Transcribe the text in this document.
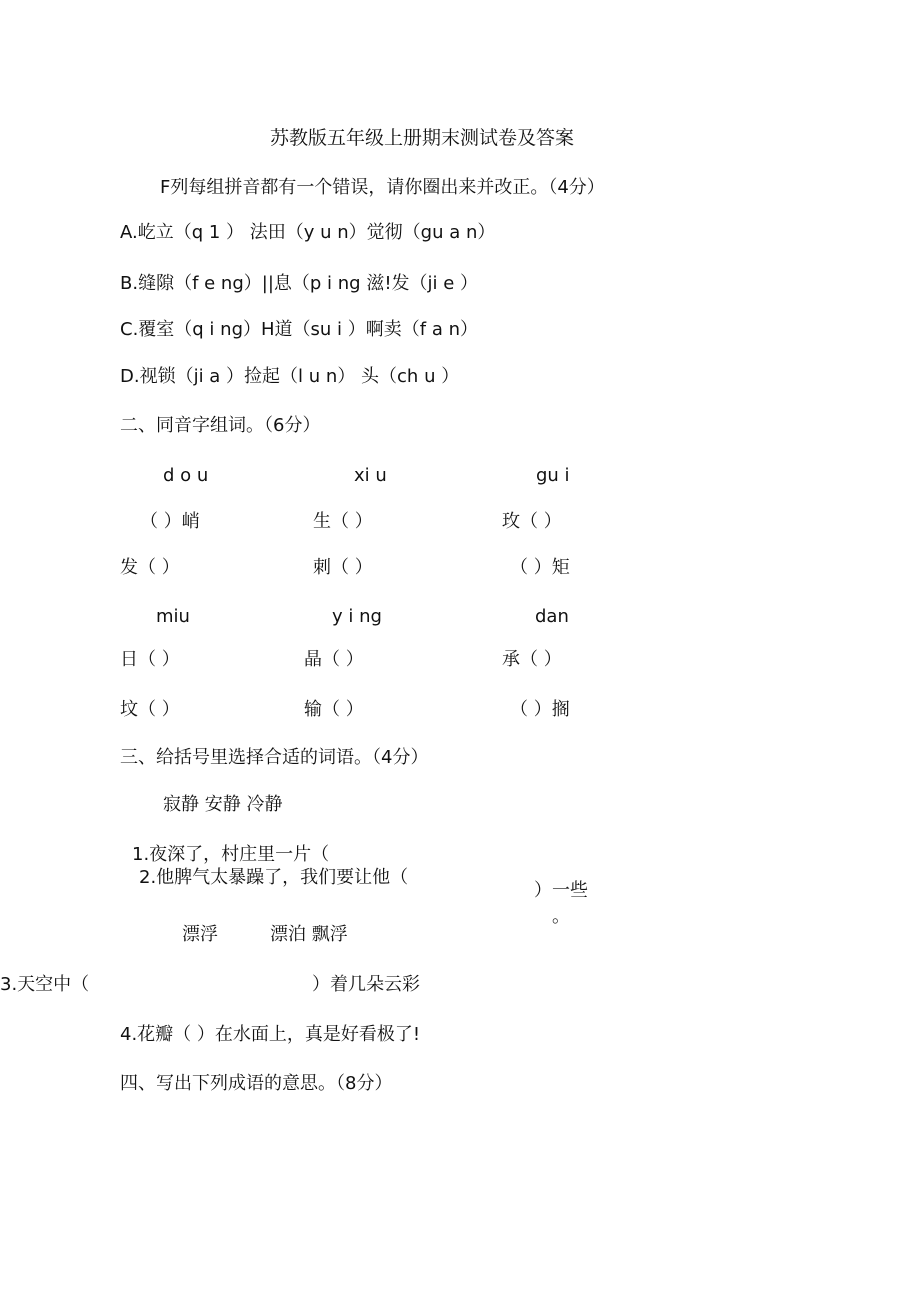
苏教版五年级上册期末测试卷及答案
F列每组拼音都有一个错误，请你圈出来并改正。（4分）
A.屹立（q 1 ） 法田（y u n）觉彻（gu a n）
B.缝隙（f e ng）||息（p i ng 滋!发（ji e ）
C.覆室（q i ng）H道（su i ）啊卖（f a n）
D.视锁（ji a ）捡起（l u n） 头（ch u ）
二、同音字组词。（6分）
d o u	xi u	gu i
（ ）峭	生（ ）	玫（ ）
发（ ）	刺（ ）	（ ）矩
miu	y i ng	dan
日（ ）	晶（ ）	承（ ）
坟（ ）	输（ ）	（ ）搁
三、给括号里选择合适的词语。（4分）
寂静 安静 冷静
1.夜深了，村庄里一片（
2.他脾气太暴躁了，我们要让他（
）一些
。
漂浮	漂泊 飘浮
3.天空中（	）着几朵云彩
4.花瓣（ ）在水面上，真是好看极了!
四、写出下列成语的意思。（8分）
